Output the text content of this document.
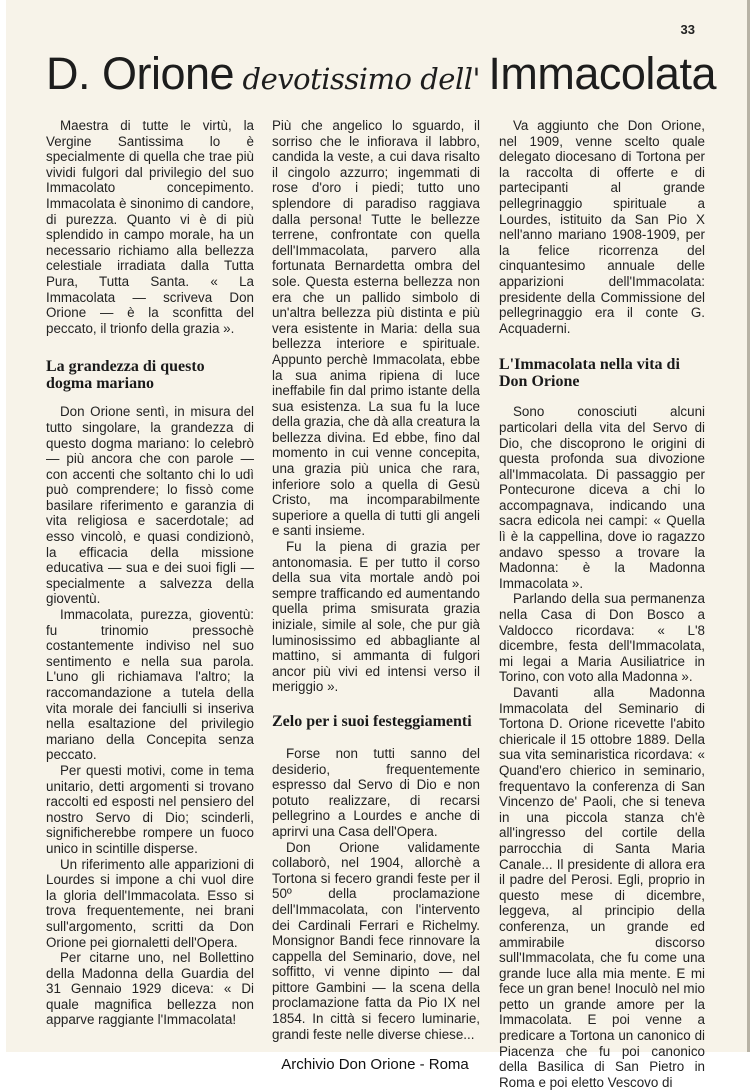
33
D. Orione devotissimo dell' Immacolata

Maestra di tutte le virtù, la Vergine Santissima lo è specialmente di quella che trae più vividi fulgori dal privilegio del suo Immacolato concepimento. Immacolata è sinonimo di candore, di purezza. Quanto vi è di più splendido in campo morale, ha un necessario richiamo alla bellezza celestiale irradiata dalla Tutta Pura, Tutta Santa. « La Immacolata — scriveva Don Orione — è la sconfitta del peccato, il trionfo della grazia ».

La grandezza di questo dogma mariano

Don Orione sentì, in misura del tutto singolare, la grandezza di questo dogma mariano: lo celebrò — più ancora che con parole — con accenti che soltanto chi lo udì può comprendere; lo fissò come basilare riferimento e garanzia di vita religiosa e sacerdotale; ad esso vincolò, e quasi condizionò, la efficacia della missione educativa — sua e dei suoi figli — specialmente a salvezza della gioventù.

Immacolata, purezza, gioventù: fu trinomio pressochè costantemente indiviso nel suo sentimento e nella sua parola. L'uno gli richiamava l'altro; la raccomandazione a tutela della vita morale dei fanciulli si inseriva nella esaltazione del privilegio mariano della Concepita senza peccato.

Per questi motivi, come in tema unitario, detti argomenti si trovano raccolti ed esposti nel pensiero del nostro Servo di Dio; scinderli, significherebbe rompere un fuoco unico in scintille disperse.

Un riferimento alle apparizioni di Lourdes si impone a chi vuol dire la gloria dell'Immacolata. Esso si trova frequentemente, nei brani sull'argomento, scritti da Don Orione pei giornaletti dell'Opera.

Per citarne uno, nel Bollettino della Madonna della Guardia del 31 Gennaio 1929 diceva: « Di quale magnifica bellezza non apparve raggiante l'Immacolata!

Più che angelico lo sguardo, il sorriso che le infiorava il labbro, candida la veste, a cui dava risalto il cingolo azzurro; ingemmati di rose d'oro i piedi; tutto uno splendore di paradiso raggiava dalla persona! Tutte le bellezze terrene, confrontate con quella dell'Immacolata, parvero alla fortunata Bernardetta ombra del sole. Questa esterna bellezza non era che un pallido simbolo di un'altra bellezza più distinta e più vera esistente in Maria: della sua bellezza interiore e spirituale. Appunto perchè Immacolata, ebbe la sua anima ripiena di luce ineffabile fin dal primo istante della sua esistenza. La sua fu la luce della grazia, che dà alla creatura la bellezza divina. Ed ebbe, fino dal momento in cui venne concepita, una grazia più unica che rara, inferiore solo a quella di Gesù Cristo, ma incomparabilmente superiore a quella di tutti gli angeli e santi insieme.

Fu la piena di grazia per antonomasia. E per tutto il corso della sua vita mortale andò poi sempre trafficando ed aumentando quella prima smisurata grazia iniziale, simile al sole, che pur già luminosissimo ed abbagliante al mattino, si ammanta di fulgori ancor più vivi ed intensi verso il meriggio ».

Zelo per i suoi festeggiamenti

Forse non tutti sanno del desiderio, frequentemente espresso dal Servo di Dio e non potuto realizzare, di recarsi pellegrino a Lourdes e anche di aprirvi una Casa dell'Opera.

Don Orione validamente collaborò, nel 1904, allorchè a Tortona si fecero grandi feste per il 50º della proclamazione dell'Immacolata, con l'intervento dei Cardinali Ferrari e Richelmy. Monsignor Bandi fece rinnovare la cappella del Seminario, dove, nel soffitto, vi venne dipinto — dal pittore Gambini — la scena della proclamazione fatta da Pio IX nel 1854. In città si fecero luminarie, grandi feste nelle diverse chiese...

Va aggiunto che Don Orione, nel 1909, venne scelto quale delegato diocesano di Tortona per la raccolta di offerte e di partecipanti al grande pellegrinaggio spirituale a Lourdes, istituito da San Pio X nell'anno mariano 1908-1909, per la felice ricorrenza del cinquantesimo annuale delle apparizioni dell'Immacolata: presidente della Commissione del pellegrinaggio era il conte G. Acquaderni.

L'Immacolata nella vita di Don Orione

Sono conosciuti alcuni particolari della vita del Servo di Dio, che discoprono le origini di questa profonda sua divozione all'Immacolata. Di passaggio per Pontecurone diceva a chi lo accompagnava, indicando una sacra edicola nei campi: « Quella lì è la cappellina, dove io ragazzo andavo spesso a trovare la Madonna: è la Madonna Immacolata ».

Parlando della sua permanenza nella Casa di Don Bosco a Valdocco ricordava: « L'8 dicembre, festa dell'Immacolata, mi legai a Maria Ausiliatrice in Torino, con voto alla Madonna ».

Davanti alla Madonna Immacolata del Seminario di Tortona D. Orione ricevette l'abito chiericale il 15 ottobre 1889. Della sua vita seminaristica ricordava: « Quand'ero chierico in seminario, frequentavo la conferenza di San Vincenzo de' Paoli, che si teneva in una piccola stanza ch'è all'ingresso del cortile della parrocchia di Santa Maria Canale... Il presidente di allora era il padre del Perosi. Egli, proprio in questo mese di dicembre, leggeva, al principio della conferenza, un grande ed ammirabile discorso sull'Immacolata, che fu come una grande luce alla mia mente. E mi fece un gran bene! Inoculò nel mio petto un grande amore per la Immacolata. E poi venne a predicare a Tortona un canonico di Piacenza che fu poi canonico della Basilica di San Pietro in Roma e poi eletto Vescovo di

Archivio Don Orione - Roma
